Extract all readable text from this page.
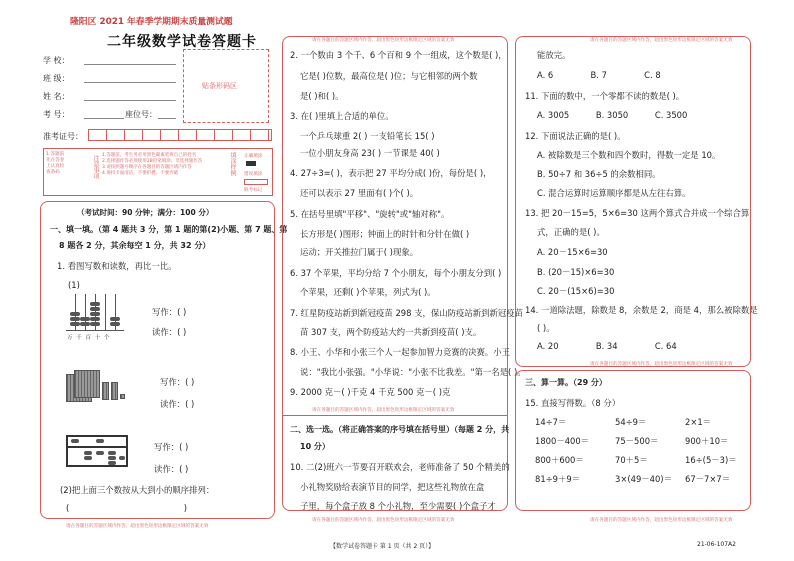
隆阳区 2021 年春季学期期末质量测试题
二年级数学试卷答题卡
学 校：
班 级：
姓 名：
考 号：	座位号：
贴条形码区
准考证号：
1.答题前
先在答卷
上认真检
查条码	注意事项 1.答题前，考生务必用黑色碳素笔将自己的姓名
2.选择题作答必须使用2B铅笔填涂；非选择题作答
3.请按照题号顺序在各题目的答题区域内作答
4.保持卡面清洁，不要折叠、不要弄破	填涂样例 正确填涂
错误填涂
缺考标记
（考试时间：90 分钟；满分：100 分）
一、填一填。（第 4 题共 3 分，第 1 题的第(2)小题、第 7 题、第
8 题各 2 分，其余每空 1 分，共 32 分）
1. 看图写数和读数，再比一比。
(1)
万 千 百 十 个
写作：( )
读作：( )
写作：( )
读作：( )
写作：( )
读作：( )
(2)把上面三个数按从大到小的顺序排列：
(                                           )
请在各题目的答题区域内作答，超出黑色矩形边框限定区域的答案无效
请在各题目的答题区域内作答，超出黑色矩形边框限定区域的答案无效
2. 一个数由 3 个千、6 个百和 9 个一组成，这个数是( )，
它是( )位数，最高位是( )位；与它相邻的两个数
是( )和( )。
3. 在( )里填上合适的单位。
一个乒乓球重 2( ) 一支铅笔长 15( )
一位小朋友身高 23( ) 一节课是 40( )
4. 27÷3=( )，表示把 27 平均分成( )份，每份是( )，
还可以表示 27 里面有( )个( )。
5. 在括号里填"平移"、"旋转"或"轴对称"。
长方形是( )图形；钟面上的时针和分针在做( )
运动；开关推拉门属于( )现象。
6. 37 个苹果，平均分给 7 个小朋友，每个小朋友分到( )
个苹果，还剩( )个苹果，列式为( )。
7. 红星防疫站新到新冠疫苗 298 支，保山防疫站新到新冠疫苗
苗 307 支，两个防疫站大约一共新到疫苗( )支。
8. 小王、小华和小张三个人一起参加智力竞赛的决赛。小王
说："我比小张强。"小华说："小张不比我差。"第一名是( )。
9. 2000 克－( )千克 4 千克 500 克－( )克
请在各题目的答题区域内作答，超出黑色矩形边框限定区域的答案无效
二、选一选。（将正确答案的序号填在括号里）（每题 2 分，共
10 分）
10. 二(2)班六一节要召开联欢会，老师准备了 50 个精美的
小礼物奖励给表演节目的同学，把这些礼物放在盒
子里，每个盒子放 8 个小礼物，至少需要( )个盒子才
请在各题目的答题区域内作答，超出黑色矩形边框限定区域的答案无效
请在各题目的答题区域内作答，超出黑色矩形边框限定区域的答案无效
能放完。
A. 6              B. 7              C. 8
11. 下面的数中，一个零都不读的数是( )。
A. 3005          B. 3050          C. 3500
12. 下面说法正确的是( )。
A. 被除数是三个数和四个数时，得数一定是 10。
B. 50÷7 和 36÷5 的余数相同。
C. 混合运算时运算顺序都是从左往右算。
13. 把 20－15=5，5×6=30 这两个算式合并成一个综合算
式，正确的是( )。
A. 20－15×6=30
B. (20－15)×6=30
C. 20－(15×6)=30
14. 一道除法题，除数是 8，余数是 2，商是 4，那么被除数是
( )。
A. 20              B. 34              C. 64
请在各题目的答题区域内作答，超出黑色矩形边框限定区域的答案无效
三、算一算。（29 分）
15. 直接写得数。（8 分）
14÷7＝	54÷9＝	2×1＝
1800－400＝	75－500＝	900＋10＝
800＋600＝	70＋5＝	16÷(5－3)＝
81÷9＋9＝	3×(49－40)＝ 67－7×7＝
请在各题目的答题区域内作答，超出黑色矩形边框限定区域的答案无效
【数学试卷答题卡 第 1 页（共 2 页）】	21-06-107A2
